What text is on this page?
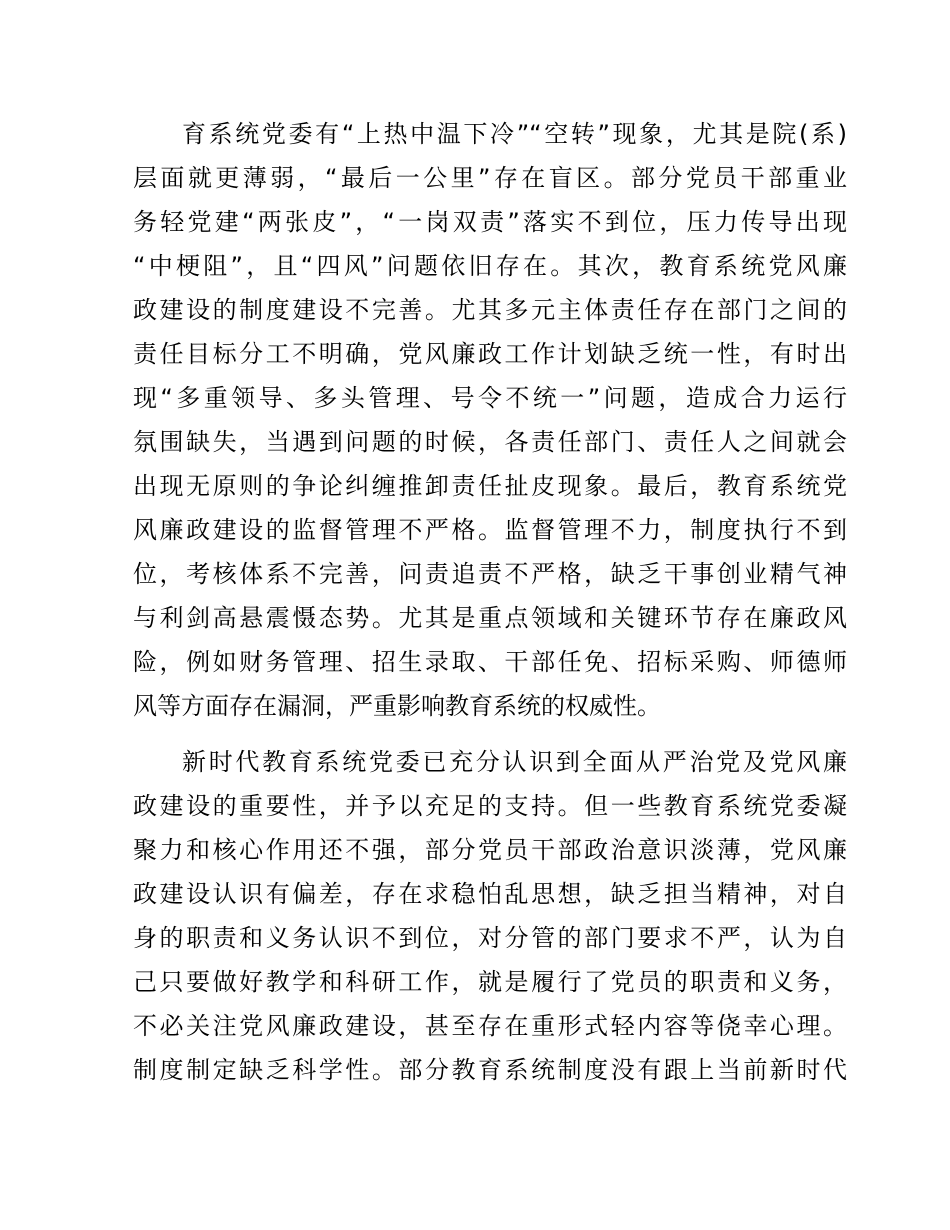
育系统党委有“上热中温下冷”“空转”现象，尤其是院(系)
层面就更薄弱，“最后一公里”存在盲区。部分党员干部重业
务轻党建“两张皮”，“一岗双责”落实不到位，压力传导出现
“中梗阻”，且“四风”问题依旧存在。其次，教育系统党风廉
政建设的制度建设不完善。尤其多元主体责任存在部门之间的
责任目标分工不明确，党风廉政工作计划缺乏统一性，有时出
现“多重领导、多头管理、号令不统一”问题，造成合力运行
氛围缺失，当遇到问题的时候，各责任部门、责任人之间就会
出现无原则的争论纠缠推卸责任扯皮现象。最后，教育系统党
风廉政建设的监督管理不严格。监督管理不力，制度执行不到
位，考核体系不完善，问责追责不严格，缺乏干事创业精气神
与利剑高悬震慑态势。尤其是重点领域和关键环节存在廉政风
险，例如财务管理、招生录取、干部任免、招标采购、师德师
风等方面存在漏洞，严重影响教育系统的权威性。
新时代教育系统党委已充分认识到全面从严治党及党风廉
政建设的重要性，并予以充足的支持。但一些教育系统党委凝
聚力和核心作用还不强，部分党员干部政治意识淡薄，党风廉
政建设认识有偏差，存在求稳怕乱思想，缺乏担当精神，对自
身的职责和义务认识不到位，对分管的部门要求不严，认为自
己只要做好教学和科研工作，就是履行了党员的职责和义务，
不必关注党风廉政建设，甚至存在重形式轻内容等侥幸心理。
制度制定缺乏科学性。部分教育系统制度没有跟上当前新时代
